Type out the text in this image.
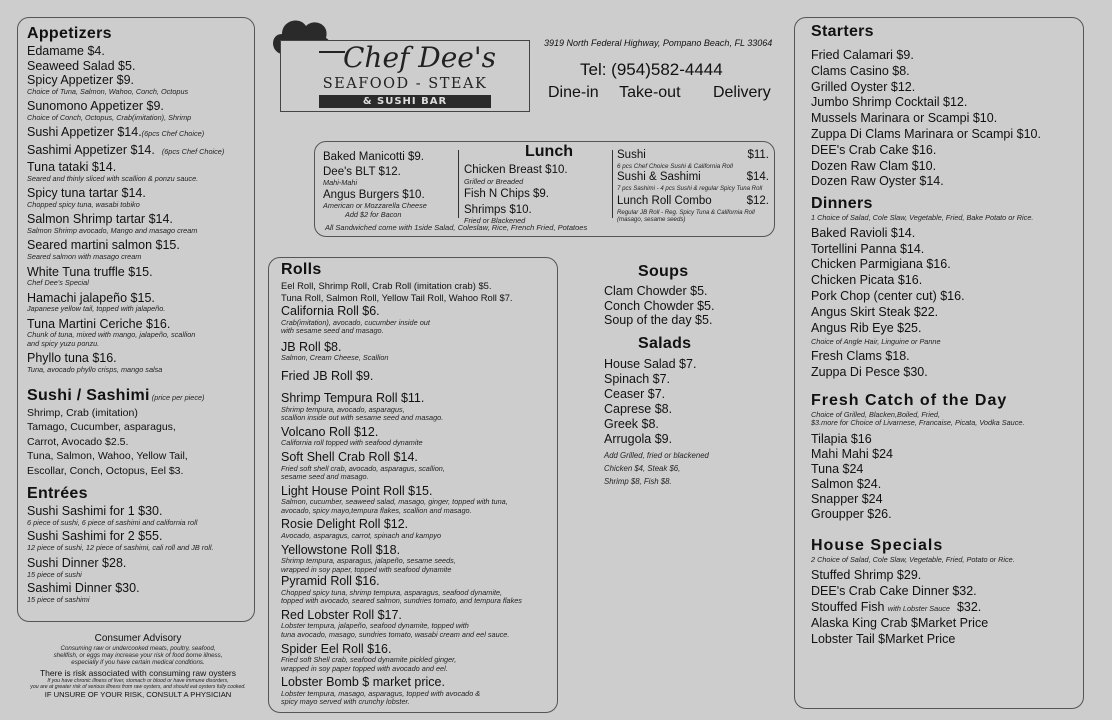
Appetizers
Edamame $4.
Seaweed Salad $5.
Spicy Appetizer $9.
Choice of Tuna, Salmon, Wahoo, Conch, Octopus
Sunomono Appetizer $9.
Choice of Conch, Octopus, Crab(imitation), Shrimp
Sushi Appetizer $14.(6pcs Chef Choice)
Sashimi Appetizer $14. (6pcs Chef Choice)
Tuna tataki $14.
Seared and thinly sliced with scallion & ponzu sauce.
Spicy tuna tartar $14.
Chopped spicy tuna, wasabi tobiko
Salmon Shrimp tartar $14.
Salmon Shrimp avocado, Mango and masago cream
Seared martini salmon $15.
Seared salmon with masago cream
White Tuna truffle $15.
Chef Dee's Special
Hamachi jalapeño $15.
Japanese yellow tail, topped with jalapeño.
Tuna Martini Ceriche $16.
Chunk of tuna, mixed with mango, jalapeño, scallion
and spicy yuzu ponzu.
Phyllo tuna $16.
Tuna, avocado phyllo crisps, mango salsa
Sushi / Sashimi (price per piece)
Shrimp, Crab (imitation)
Tamago, Cucumber, asparagus,
Carrot, Avocado $2.5.
Tuna, Salmon, Wahoo, Yellow Tail,
Escollar, Conch, Octopus, Eel $3.
Entrées
Sushi Sashimi for 1 $30.
6 piece of sushi, 6 piece of sashimi and california roll
Sushi Sashimi for 2 $55.
12 piece of sushi, 12 piece of sashimi, cali roll and JB roll.
Sushi Dinner $28.
15 piece of sushi
Sashimi Dinner $30.
15 piece of sashimi
Consumer Advisory
Consuming raw or undercooked meats, poultry, seafood,
shellfish, or eggs may increase your risk of food borne illness,
especially if you have certain medical conditions.
There is risk associated with consuming raw oysters
If you have chronic illness of liver, stomach or blood or have immune disorders,
you are at greater risk of serious illness from raw oysters, and should eat oysters fully cooked.
IF UNSURE OF YOUR RISK, CONSULT A PHYSICIAN
Chef Dee's
SEAFOOD - STEAK
& SUSHI BAR
3919 North Federal Highway, Pompano Beach, FL 33064
Tel: (954)582-4444
Dine-in Take-out Delivery
Baked Manicotti $9.
Dee's BLT $12.
Mahi-Mahi
Angus Burgers $10.
American or Mozzarella Cheese
Add $2 for Bacon
Lunch
Chicken Breast $10.
Grilled or Breaded
Fish N Chips $9.
Shrimps $10.
Fried or Blackened
Sushi	$11.
6 pcs Chef Choice Sushi & California Roll
Sushi & Sashimi	$14.
7 pcs Sashimi - 4 pcs Sushi & regular Spicy Tuna Roll
Lunch Roll Combo	$12.
Regular JB Roll - Reg. Spicy Tuna & California Roll
(masago, sesame seeds)
All Sandwiched come with 1side Salad, Coleslaw, Rice, French Fried, Potatoes
Rolls
Eel Roll, Shrimp Roll, Crab Roll (imitation crab) $5.
Tuna Roll, Salmon Roll, Yellow Tail Roll, Wahoo Roll $7.
California Roll $6.
Crab(imitation), avocado, cucumber inside out
with sesame seed and masago.
JB Roll $8.
Salmon, Cream Cheese, Scallion
Fried JB Roll $9.
Shrimp Tempura Roll $11.
Shrimp tempura, avocado, asparagus,
scallion inside out with sesame seed and masago.
Volcano Roll $12.
California roll topped with seafood dynamite
Soft Shell Crab Roll $14.
Fried soft shell crab, avocado, asparagus, scallion,
sesame seed and masago.
Light House Point Roll $15.
Salmon, cucumber, seaweed salad, masago, ginger, topped with tuna,
avocado, spicy mayo,tempura flakes, scallion and masago.
Rosie Delight Roll $12.
Avocado, asparagus, carrot, spinach and kampyo
Yellowstone Roll $18.
Shrimp tempura, asparagus, jalapeño, sesame seeds,
wrapped in soy paper, topped with seafood dynamite
Pyramid Roll $16.
Chopped spicy tuna, shrimp tempura, asparagus, seafood dynamite,
topped with avocado, seared salmon, sundries tomato, and tempura flakes
Red Lobster Roll $17.
Lobster tempura, jalapeño, seafood dynamite, topped with
tuna avocado, masago, sundries tomato, wasabi cream and eel sauce.
Spider Eel Roll $16.
Fried soft Shell crab, seafood dynamite pickled ginger,
wrapped in soy paper topped with avocado and eel.
Lobster Bomb $ market price.
Lobster tempura, masago, asparagus, topped with avocado &
spicy mayo served with crunchy lobster.
Soups
Clam Chowder $5.
Conch Chowder $5.
Soup of the day $5.
Salads
House Salad $7.
Spinach $7.
Ceaser $7.
Caprese $8.
Greek $8.
Arrugola $9.
Add Grilled, fried or blackened
Chicken $4, Steak $6,
Shrimp $8, Fish $8.
Starters
Fried Calamari $9.
Clams Casino $8.
Grilled Oyster $12.
Jumbo Shrimp Cocktail $12.
Mussels Marinara or Scampi $10.
Zuppa Di Clams Marinara or Scampi $10.
DEE's Crab Cake $16.
Dozen Raw Clam $10.
Dozen Raw Oyster $14.
Dinners
1 Choice of Salad, Cole Slaw, Vegetable, Fried, Bake Potato or Rice.
Baked Ravioli $14.
Tortellini Panna $14.
Chicken Parmigiana $16.
Chicken Picata $16.
Pork Chop (center cut) $16.
Angus Skirt Steak $22.
Angus Rib Eye $25.
Choice of Angle Hair, Linguine or Panne
Fresh Clams $18.
Zuppa Di Pesce $30.
Fresh Catch of the Day
Choice of Grilled, Blacken,Boiled, Fried,
$3.more for Choice of Livarnese, Francaise, Picata, Vodka Sauce.
Tilapia $16
Mahi Mahi $24
Tuna $24
Salmon $24.
Snapper $24
Groupper $26.
House Specials
2 Choice of Salad, Cole Slaw, Vegetable, Fried, Potato or Rice.
Stuffed Shrimp $29.
DEE's Crab Cake Dinner $32.
Stouffed Fish with Lobster Sauce $32.
Alaska King Crab $Market Price
Lobster Tail $Market Price
